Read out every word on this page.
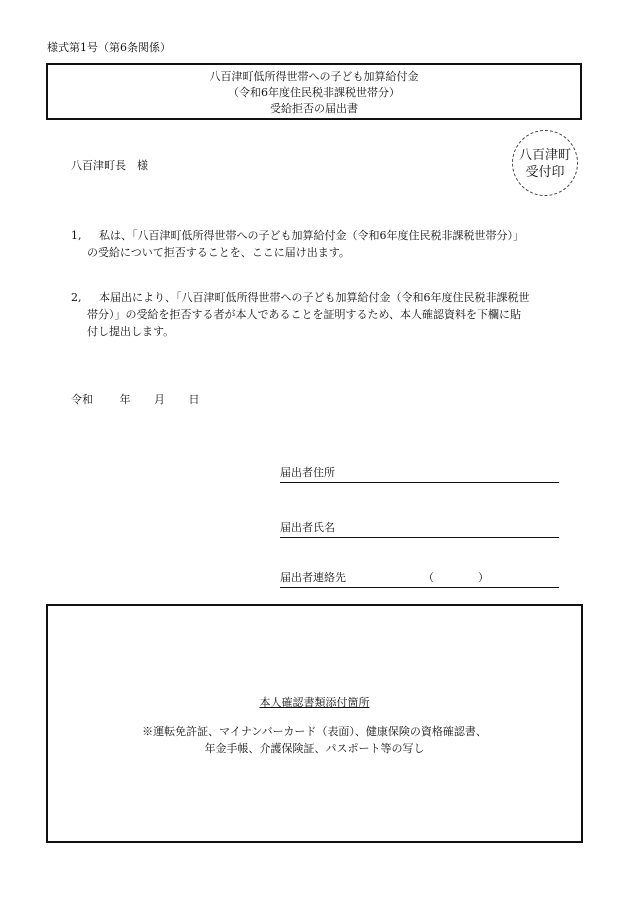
様式第1号（第6条関係）
八百津町低所得世帯への子ども加算給付金
（令和6年度住民税非課税世帯分）
受給拒否の届出書
八百津町
受付印
八百津町長　様
1,	私は、「八百津町低所得世帯への子ども加算給付金（令和6年度住民税非課税世帯分）」
の受給について拒否することを、ここに届け出ます。
2,	本届出により、「八百津町低所得世帯への子ども加算給付金（令和6年度住民税非課税世
帯分）」の受給を拒否する者が本人であることを証明するため、本人確認資料を下欄に貼
付し提出します。
令和 年 月 日
届出者住所
届出者氏名
届出者連絡先	（　　　　）
本人確認書類添付箇所
※運転免許証、マイナンバーカード（表面）、健康保険の資格確認書、
年金手帳、介護保険証、パスポート等の写し
